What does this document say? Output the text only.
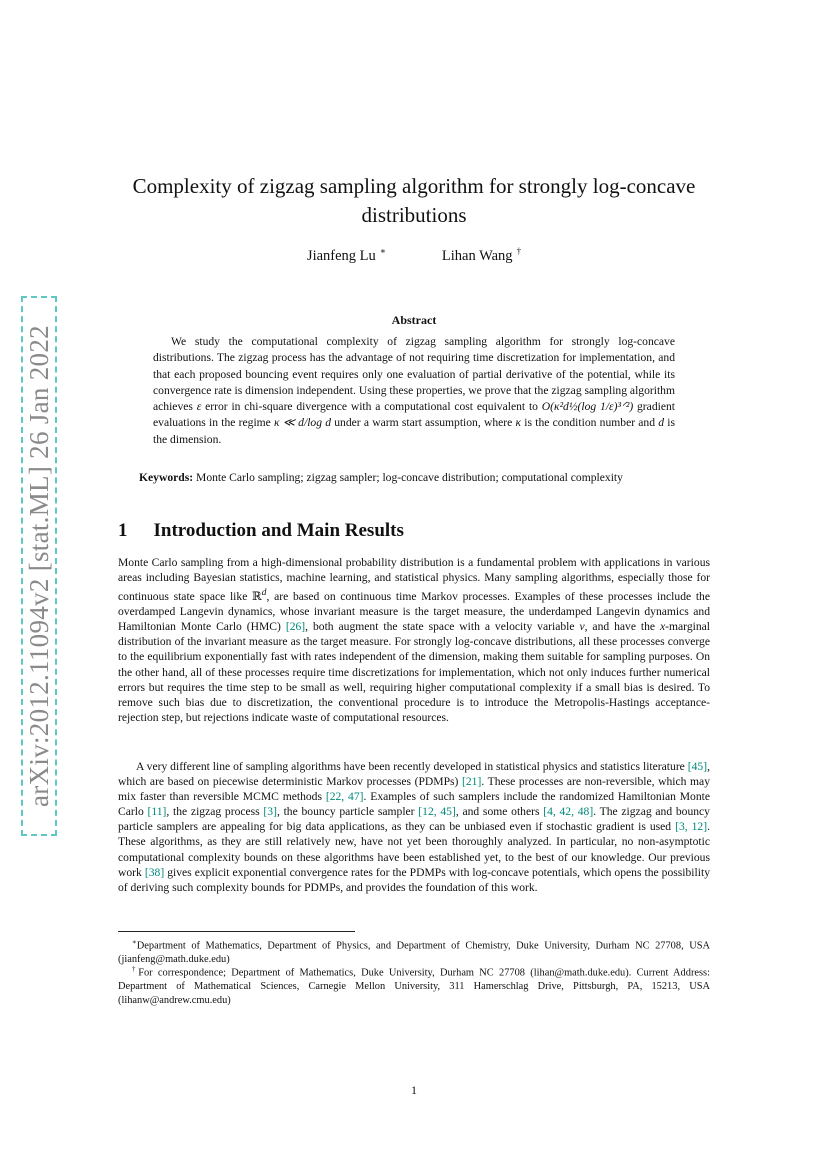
arXiv:2012.11094v2 [stat.ML] 26 Jan 2022
Complexity of zigzag sampling algorithm for strongly log-concave distributions
Jianfeng Lu ∗	Lihan Wang †
Abstract

We study the computational complexity of zigzag sampling algorithm for strongly log-concave distributions. The zigzag process has the advantage of not requiring time discretization for implementation, and that each proposed bouncing event requires only one evaluation of partial derivative of the potential, while its convergence rate is dimension independent. Using these properties, we prove that the zigzag sampling algorithm achieves ε error in chi-square divergence with a computational cost equivalent to O(κ²d½(log 1/ε)³ᐟ²) gradient evaluations in the regime κ ≪ d/log d under a warm start assumption, where κ is the condition number and d is the dimension.

Keywords: Monte Carlo sampling; zigzag sampler; log-concave distribution; computational complexity

1 Introduction and Main Results

Monte Carlo sampling from a high-dimensional probability distribution is a fundamental problem with applications in various areas including Bayesian statistics, machine learning, and statistical physics. Many sampling algorithms, especially those for continuous state space like ℝ$^d$, are based on continuous time Markov processes. Examples of these processes include the overdamped Langevin dynamics, whose invariant measure is the target measure, the underdamped Langevin dynamics and Hamiltonian Monte Carlo (HMC) [26], both augment the state space with a velocity variable v, and have the x-marginal distribution of the invariant measure as the target measure. For strongly log-concave distributions, all these processes converge to the equilibrium exponentially fast with rates independent of the dimension, making them suitable for sampling purposes. On the other hand, all of these processes require time discretizations for implementation, which not only induces further numerical errors but requires the time step to be small as well, requiring higher computational complexity if a small bias is desired. To remove such bias due to discretization, the conventional procedure is to introduce the Metropolis-Hastings acceptance-rejection step, but rejections indicate waste of computational resources.

A very different line of sampling algorithms have been recently developed in statistical physics and statistics literature [45], which are based on piecewise deterministic Markov processes (PDMPs) [21]. These processes are non-reversible, which may mix faster than reversible MCMC methods [22, 47]. Examples of such samplers include the randomized Hamiltonian Monte Carlo [11], the zigzag process [3], the bouncy particle sampler [12, 45], and some others [4, 42, 48]. The zigzag and bouncy particle samplers are appealing for big data applications, as they can be unbiased even if stochastic gradient is used [3, 12]. These algorithms, as they are still relatively new, have not yet been thoroughly analyzed. In particular, no non-asymptotic computational complexity bounds on these algorithms have been established yet, to the best of our knowledge. Our previous work [38] gives explicit exponential convergence rates for the PDMPs with log-concave potentials, which opens the possibility of deriving such complexity bounds for PDMPs, and provides the foundation of this work.

∗Department of Mathematics, Department of Physics, and Department of Chemistry, Duke University, Durham NC 27708, USA (jianfeng@math.duke.edu)

†For correspondence; Department of Mathematics, Duke University, Durham NC 27708 (lihan@math.duke.edu). Current Address: Department of Mathematical Sciences, Carnegie Mellon University, 311 Hamerschlag Drive, Pittsburgh, PA, 15213, USA (lihanw@andrew.cmu.edu)

1
